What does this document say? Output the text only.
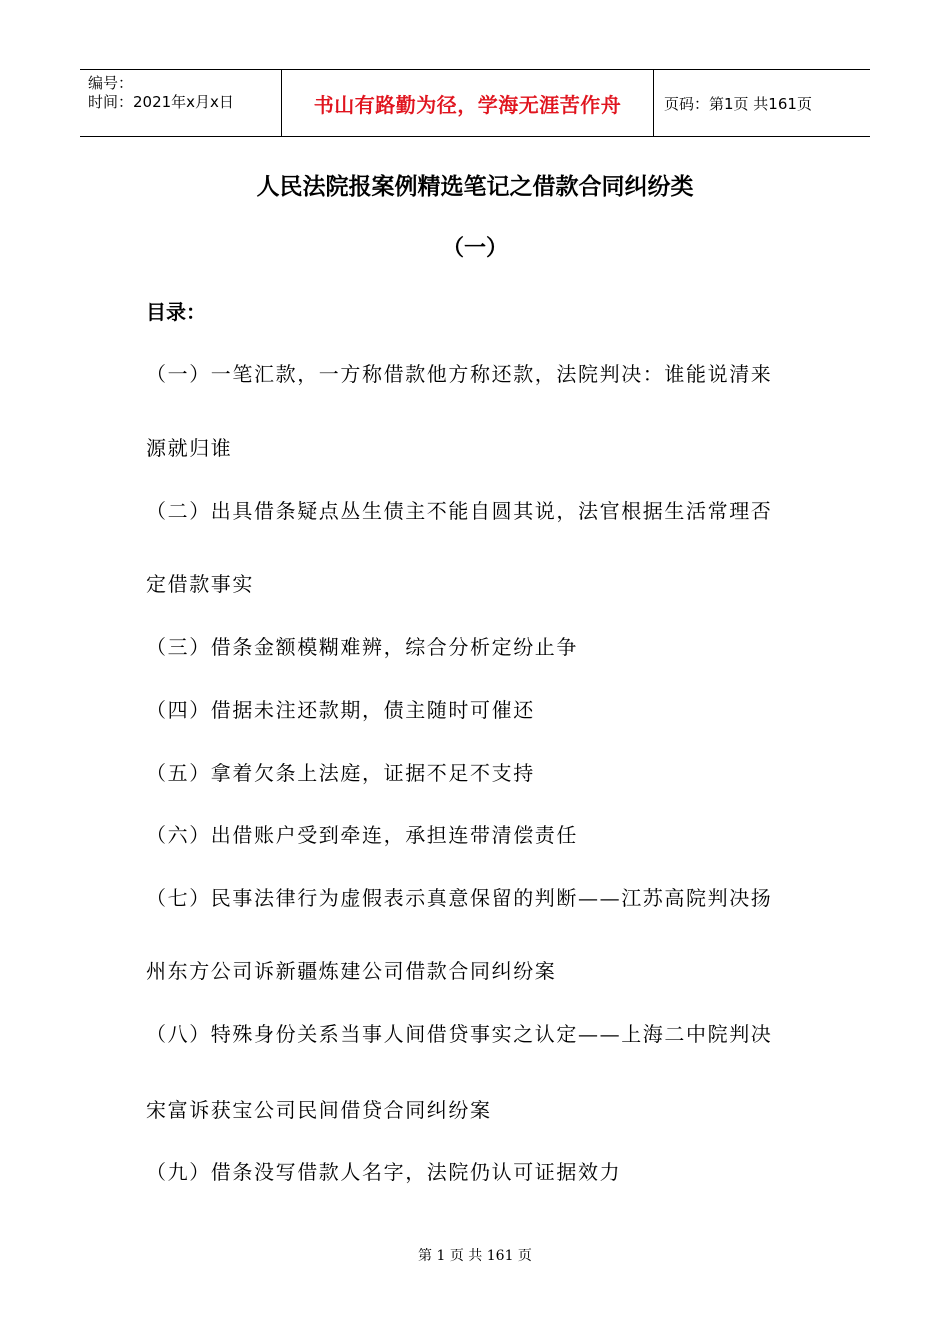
编号：
时间：2021年x月x日	书山有路勤为径，学海无涯苦作舟	页码：第1页 共161页
人民法院报案例精选笔记之借款合同纠纷类
（一）
目录：
（一）一笔汇款，一方称借款他方称还款，法院判决：谁能说清来
源就归谁
（二）出具借条疑点丛生债主不能自圆其说，法官根据生活常理否
定借款事实
（三）借条金额模糊难辨，综合分析定纷止争
（四）借据未注还款期，债主随时可催还
（五）拿着欠条上法庭，证据不足不支持
（六）出借账户受到牵连，承担连带清偿责任
（七）民事法律行为虚假表示真意保留的判断——江苏高院判决扬
州东方公司诉新疆炼建公司借款合同纠纷案
（八）特殊身份关系当事人间借贷事实之认定——上海二中院判决
宋富诉获宝公司民间借贷合同纠纷案
（九）借条没写借款人名字，法院仍认可证据效力
第 1 页 共 161 页
